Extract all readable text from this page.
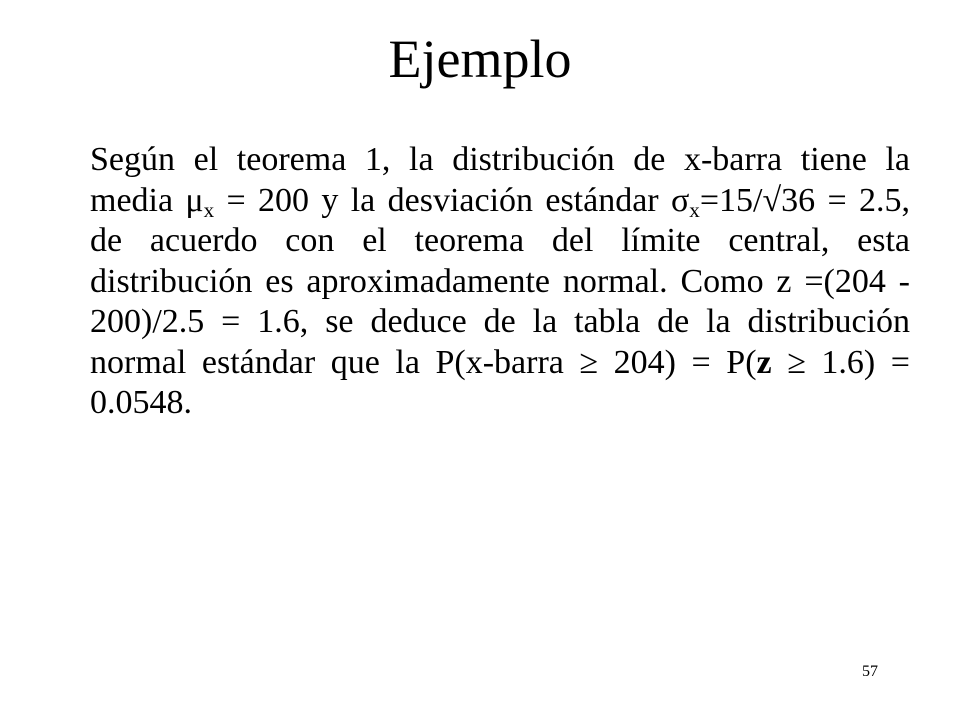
Ejemplo
Según el teorema 1, la distribución de x-barra tiene la media $\mu_x = 200$ y la desviación estándar $\sigma_x=15/√36 = 2.5$, de acuerdo con el teorema del límite central, esta distribución es aproximadamente normal. Como z =(204 - 200)/2.5 = 1.6, se deduce de la tabla de la distribución normal estándar que la P(x-barra ≥ 204) = P(z ≥ 1.6) = 0.0548.
57
